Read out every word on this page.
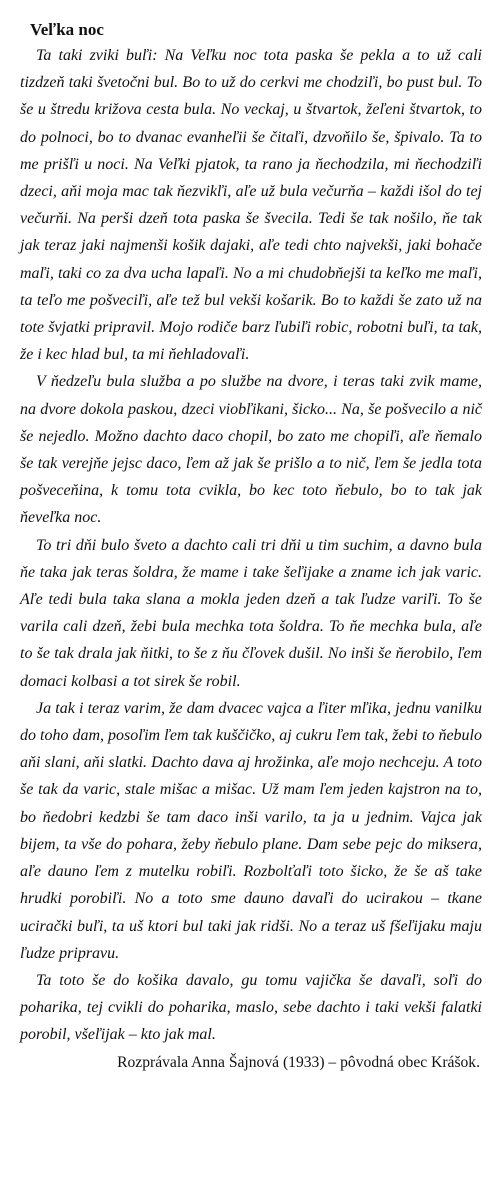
Veľka noc

Ta taki zviki buľi: Na Veľku noc tota paska še pekla a to už cali tizdzeň taki švetočni bul. Bo to už do cerkvi me chodziľi, bo pust bul. To še u štredu križova cesta bula. No veckaj, u štvartok, žeľeni štvartok, to do polnoci, bo to dvanac evanheľii še čitaľi, dzvoňilo še, špivalo. Ta to me prišľi u noci. Na Veľki pjatok, ta rano ja ňechodzila, mi ňechodziľi dzeci, aňi moja mac tak ňezvikľi, aľe už bula večurňa – každi išol do tej večurňi. Na perši dzeň tota paska še švecila. Tedi še tak nošilo, ňe tak jak teraz jaki najmenši košik dajaki, aľe tedi chto najvekši, jaki bohače maľi, taki co za dva ucha lapaľi. No a mi chudobňejši ta keľko me maľi, ta teľo me pošveciľi, aľe tež bul vekši košarik. Bo to každi še zato už na tote švjatki pripravil. Mojo rodiče barz ľubiľi robic, robotni buľi, ta tak, že i kec hlad bul, ta mi ňehladovaľi.

V ňedzeľu bula služba a po službe na dvore, i teras taki zvik mame, na dvore dokola paskou, dzeci viobľikani, šicko... Na, še pošvecilo a nič še nejedlo. Možno dachto daco chopil, bo zato me chopiľi, aľe ňemalo še tak verejňe jejsc daco, ľem až jak še prišlo a to nič, ľem še jedla tota pošveceňina, k tomu tota cvikla, bo kec toto ňebulo, bo to tak jak ňeveľka noc.

To tri dňi bulo šveto a dachto cali tri dňi u tim suchim, a davno bula ňe taka jak teras šoldra, že mame i take šeľijake a zname ich jak varic. Aľe tedi bula taka slana a mokla jeden dzeň a tak ľudze variľi. To še varila cali dzeň, žebi bula mechka tota šoldra. To ňe mechka bula, aľe to še tak drala jak ňitki, to še z ňu čľovek dušil. No inši še ňerobilo, ľem domaci kolbasi a tot sirek še robil.

Ja tak i teraz varim, že dam dvacec vajca a ľiter mľika, jednu vanilku do toho dam, posoľim ľem tak kuščičko, aj cukru ľem tak, žebi to ňebulo aňi slani, aňi slatki. Dachto dava aj hrožinka, aľe mojo nechceju. A toto še tak da varic, stale mišac a mišac. Už mam ľem jeden kajstron na to, bo ňedobri kedzbi še tam daco inši varilo, ta ja u jednim. Vajca jak bijem, ta vše do pohara, žeby ňebulo plane. Dam sebe pejc do miksera, aľe dauno ľem z mutelku robiľi. Rozbolťaľi toto šicko, že še aš take hrudki porobiľi. No a toto sme dauno davaľi do ucirakou – tkane ucirački buľi, ta uš ktori bul taki jak ridši. No a teraz uš fšeľijaku maju ľudze pripravu.

Ta toto še do košika davalo, gu tomu vajička še davaľi, soľi do poharika, tej cvikli do poharika, maslo, sebe dachto i taki vekši falatki porobil, všeľijak – kto jak mal.

Rozprávala Anna Šajnová (1933) – pôvodná obec Krášok.
